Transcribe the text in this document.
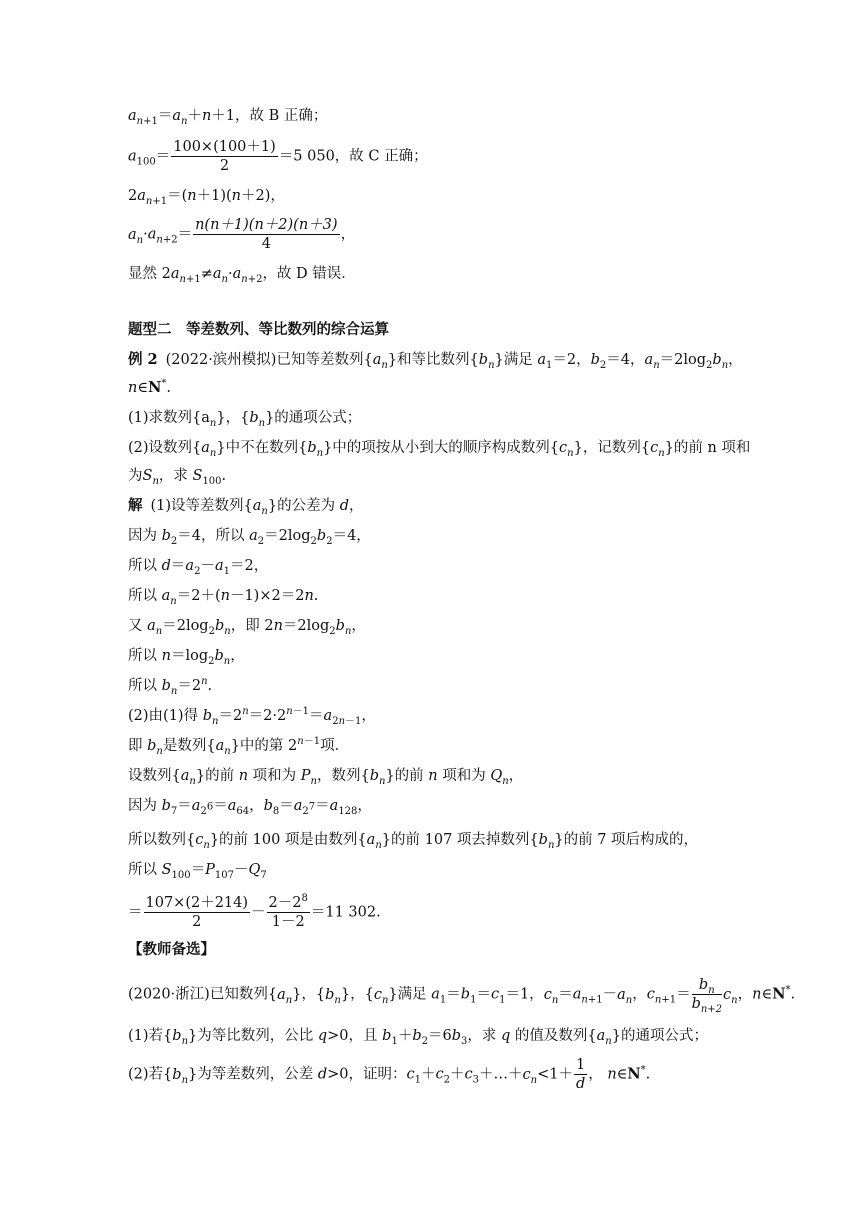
$a_{n+1}=a_n+n+1$，故 B 正确；
$a_{100}= \frac{100\times(100+1)}{2} =5$ 050，故 C 正确；
$2a_{n+1}=(n+1)(n+2)$，
$a_n\cdot a_{n+2}= \frac{n(n+1)(n+2)(n+3)}{4}$ ，
显然 $2a_{n+1}\ne a_n\cdot a_{n+2}$，故 D 错误．
题型二　等差数列、等比数列的综合运算
例 2 (2022·滨州模拟)已知等差数列$\{a_n\}$和等比数列$\{b_n\}$满足 $a_1=2$，$b_2=4$，$a_n=2\log_2b_n$，
n∈N*.
(1)求数列$\{a_n\}$，$\{b_n\}$的通项公式；
(2)设数列$\{a_n\}$中不在数列$\{b_n\}$中的项按从小到大的顺序构成数列$\{c_n\}$，记数列$\{c_n\}$的前 n 项和
为$S_n$，求 $S_{100}$.
解 (1)设等差数列$\{a_n\}$的公差为 d，
因为 $b_2=4$，所以 $a_2=2\log_2b_2=4$，
所以 $d=a_2-a_1=2$，
所以 $a_n=2+(n-1)\times 2=2n$.
又 $a_n=2\log_2b_n$，即 $2n=2\log_2b_n$，
所以 $n=\log_2b_n$，
所以 $b_n=2^n$.
(2)由(1)得 $b_n=2^n=2\cdot 2^{n-1}=a_{2n-1}$，
即 $b_n$是数列$\{a_n\}$中的第 $2^{n-1}$项．
设数列$\{a_n\}$的前 n 项和为 $P_n$，数列$\{b_n\}$的前 n 项和为 $Q_n$，
因为 $b_7=a_{2^6}=a_{64}$，$b_8=a_{2^7}=a_{128}$，
所以数列$\{c_n\}$的前 100 项是由数列$\{a_n\}$的前 107 项去掉数列$\{b_n\}$的前 7 项后构成的，
所以 $S_{100}=P_{107}-Q_7$
＝ $\frac{107\times(2+214)}{2} - \frac{2-2^8}{1-2} =11$ 302.
【教师备选】
(2020·浙江)已知数列$\{a_n\}$，$\{b_n\}$，$\{c_n\}$满足 $a_1=b_1=c_1=1$，$c_n=a_{n+1}-a_n$，$c_{n+1}= \frac{b_n}{b_{n+2}} c_n$，n∈N*.
(1)若$\{b_n\}$为等比数列，公比 q>0，且 $b_1+b_2=6b_3$，求 q 的值及数列$\{a_n\}$的通项公式；
(2)若$\{b_n\}$为等差数列，公差 d>0，证明：$c_1+c_2+c_3+\dots+c_n<1+ \frac{1}{d}$ ， n∈N*.
